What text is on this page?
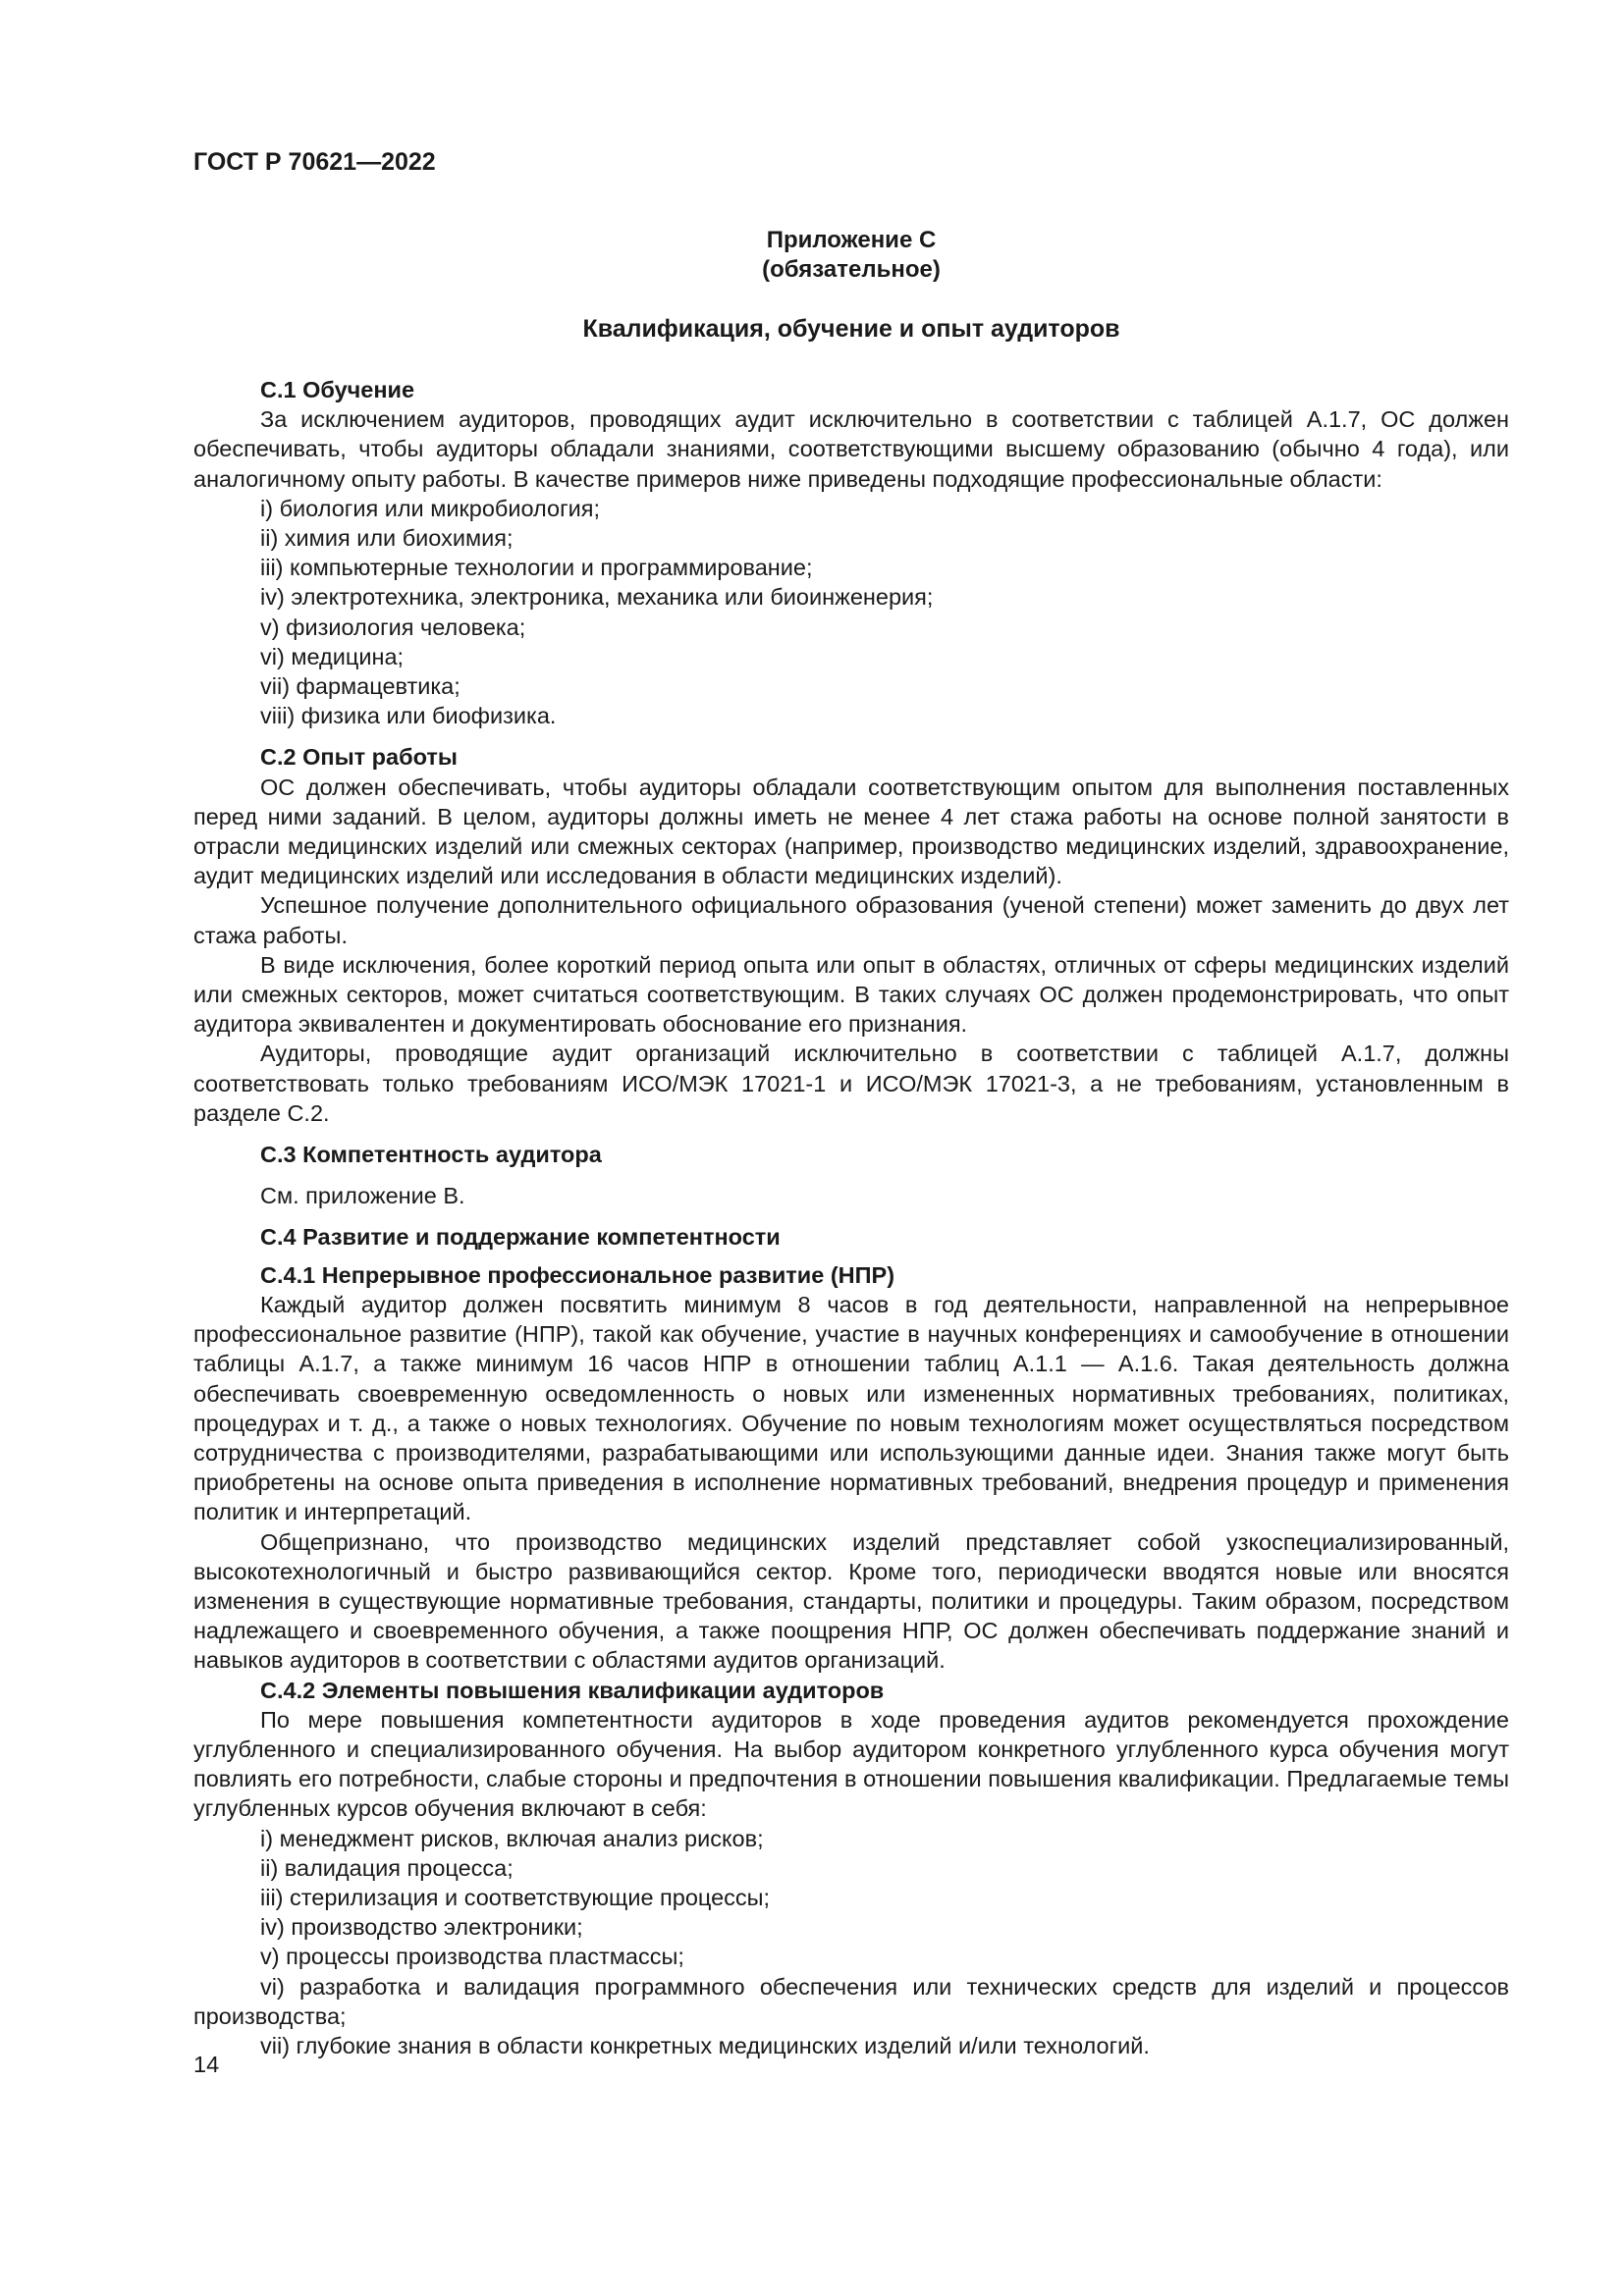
ГОСТ Р 70621—2022
Приложение С
(обязательное)
Квалификация, обучение и опыт аудиторов
С.1 Обучение
За исключением аудиторов, проводящих аудит исключительно в соответствии с таблицей А.1.7, ОС должен обеспечивать, чтобы аудиторы обладали знаниями, соответствующими высшему образованию (обычно 4 года), или аналогичному опыту работы. В качестве примеров ниже приведены подходящие профессиональные области:
i) биология или микробиология;
ii) химия или биохимия;
iii) компьютерные технологии и программирование;
iv) электротехника, электроника, механика или биоинженерия;
v) физиология человека;
vi) медицина;
vii) фармацевтика;
viii) физика или биофизика.
С.2 Опыт работы
ОС должен обеспечивать, чтобы аудиторы обладали соответствующим опытом для выполнения поставленных перед ними заданий. В целом, аудиторы должны иметь не менее 4 лет стажа работы на основе полной занятости в отрасли медицинских изделий или смежных секторах (например, производство медицинских изделий, здравоохранение, аудит медицинских изделий или исследования в области медицинских изделий).
Успешное получение дополнительного официального образования (ученой степени) может заменить до двух лет стажа работы.
В виде исключения, более короткий период опыта или опыт в областях, отличных от сферы медицинских изделий или смежных секторов, может считаться соответствующим. В таких случаях ОС должен продемонстрировать, что опыт аудитора эквивалентен и документировать обоснование его признания.
Аудиторы, проводящие аудит организаций исключительно в соответствии с таблицей А.1.7, должны соответствовать только требованиям ИСО/МЭК 17021-1 и ИСО/МЭК 17021-3, а не требованиям, установленным в разделе С.2.
С.3 Компетентность аудитора
См. приложение В.
С.4 Развитие и поддержание компетентности
С.4.1 Непрерывное профессиональное развитие (НПР)
Каждый аудитор должен посвятить минимум 8 часов в год деятельности, направленной на непрерывное профессиональное развитие (НПР), такой как обучение, участие в научных конференциях и самообучение в отношении таблицы А.1.7, а также минимум 16 часов НПР в отношении таблиц А.1.1 — А.1.6. Такая деятельность должна обеспечивать своевременную осведомленность о новых или измененных нормативных требованиях, политиках, процедурах и т. д., а также о новых технологиях. Обучение по новым технологиям может осуществляться посредством сотрудничества с производителями, разрабатывающими или использующими данные идеи. Знания также могут быть приобретены на основе опыта приведения в исполнение нормативных требований, внедрения процедур и применения политик и интерпретаций.
Общепризнано, что производство медицинских изделий представляет собой узкоспециализированный, высокотехнологичный и быстро развивающийся сектор. Кроме того, периодически вводятся новые или вносятся изменения в существующие нормативные требования, стандарты, политики и процедуры. Таким образом, посредством надлежащего и своевременного обучения, а также поощрения НПР, ОС должен обеспечивать поддержание знаний и навыков аудиторов в соответствии с областями аудитов организаций.
С.4.2 Элементы повышения квалификации аудиторов
По мере повышения компетентности аудиторов в ходе проведения аудитов рекомендуется прохождение углубленного и специализированного обучения. На выбор аудитором конкретного углубленного курса обучения могут повлиять его потребности, слабые стороны и предпочтения в отношении повышения квалификации. Предлагаемые темы углубленных курсов обучения включают в себя:
i) менеджмент рисков, включая анализ рисков;
ii) валидация процесса;
iii) стерилизация и соответствующие процессы;
iv) производство электроники;
v) процессы производства пластмассы;
vi) разработка и валидация программного обеспечения или технических средств для изделий и процессов производства;
vii) глубокие знания в области конкретных медицинских изделий и/или технологий.
14
